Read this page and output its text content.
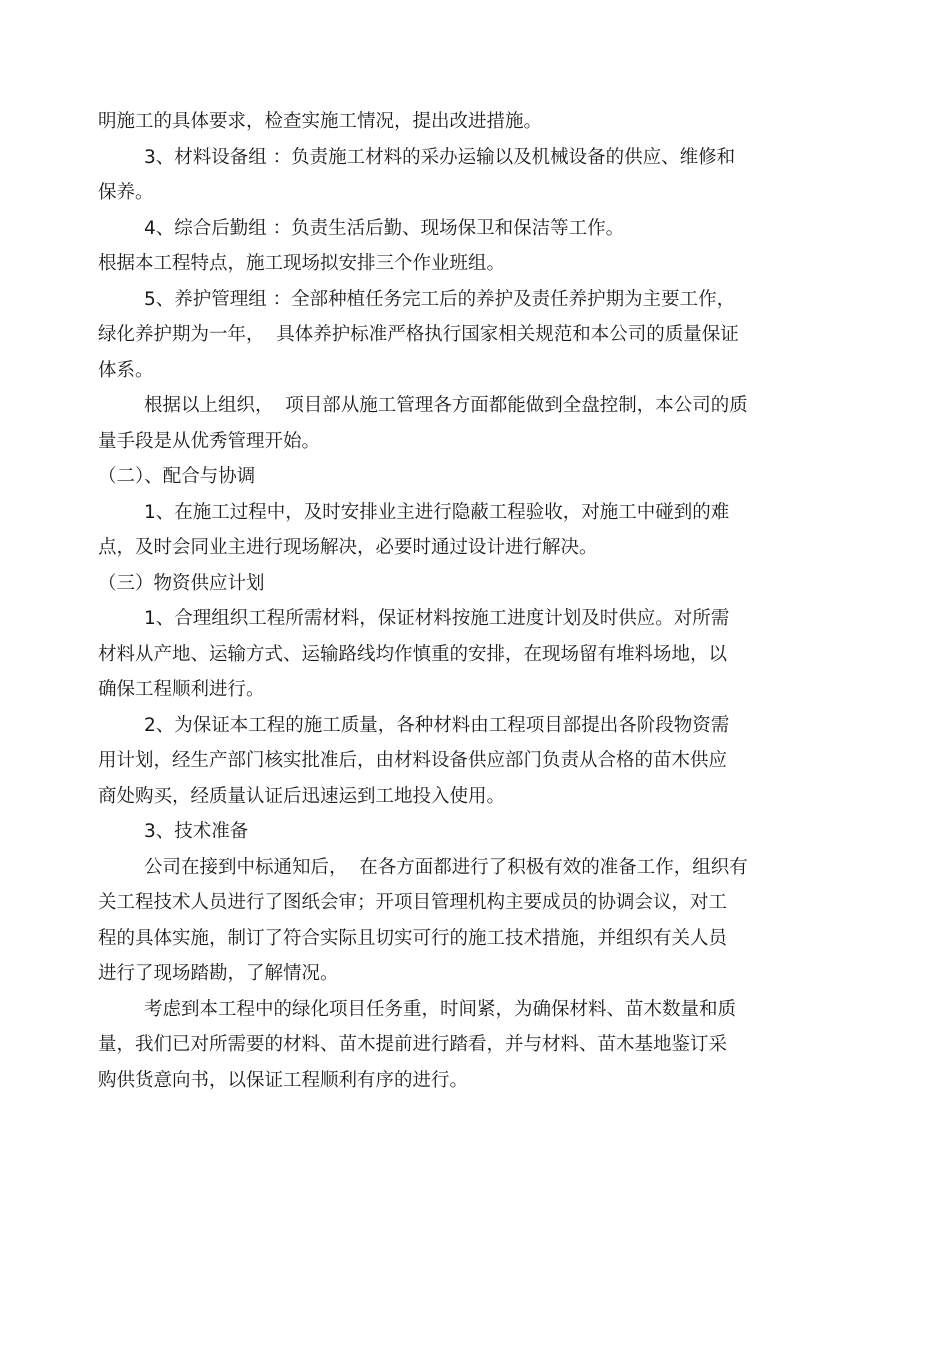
明施工的具体要求，检查实施工情况，提出改进措施。
3、材料设备组 ：负责施工材料的采办运输以及机械设备的供应、维修和
保养。
4、综合后勤组 ：负责生活后勤、现场保卫和保洁等工作。
根据本工程特点，施工现场拟安排三个作业班组。
5、养护管理组 ：全部种植任务完工后的养护及责任养护期为主要工作，
绿化养护期为一年，  具体养护标准严格执行国家相关规范和本公司的质量保证
体系。
根据以上组织，  项目部从施工管理各方面都能做到全盘控制，本公司的质
量手段是从优秀管理开始。
（二）、配合与协调
1、在施工过程中，及时安排业主进行隐蔽工程验收，对施工中碰到的难
点，及时会同业主进行现场解决，必要时通过设计进行解决。
（三）物资供应计划
1、合理组织工程所需材料，保证材料按施工进度计划及时供应。对所需
材料从产地、运输方式、运输路线均作慎重的安排，在现场留有堆料场地，以
确保工程顺利进行。
2、为保证本工程的施工质量，各种材料由工程项目部提出各阶段物资需
用计划，经生产部门核实批准后，由材料设备供应部门负责从合格的苗木供应
商处购买，经质量认证后迅速运到工地投入使用。
3、技术准备
公司在接到中标通知后，  在各方面都进行了积极有效的准备工作，组织有
关工程技术人员进行了图纸会审；开项目管理机构主要成员的协调会议，对工
程的具体实施，制订了符合实际且切实可行的施工技术措施，并组织有关人员
进行了现场踏勘，了解情况。
考虑到本工程中的绿化项目任务重，时间紧，为确保材料、苗木数量和质
量，我们已对所需要的材料、苗木提前进行踏看，并与材料、苗木基地鉴订采
购供货意向书，以保证工程顺利有序的进行。
